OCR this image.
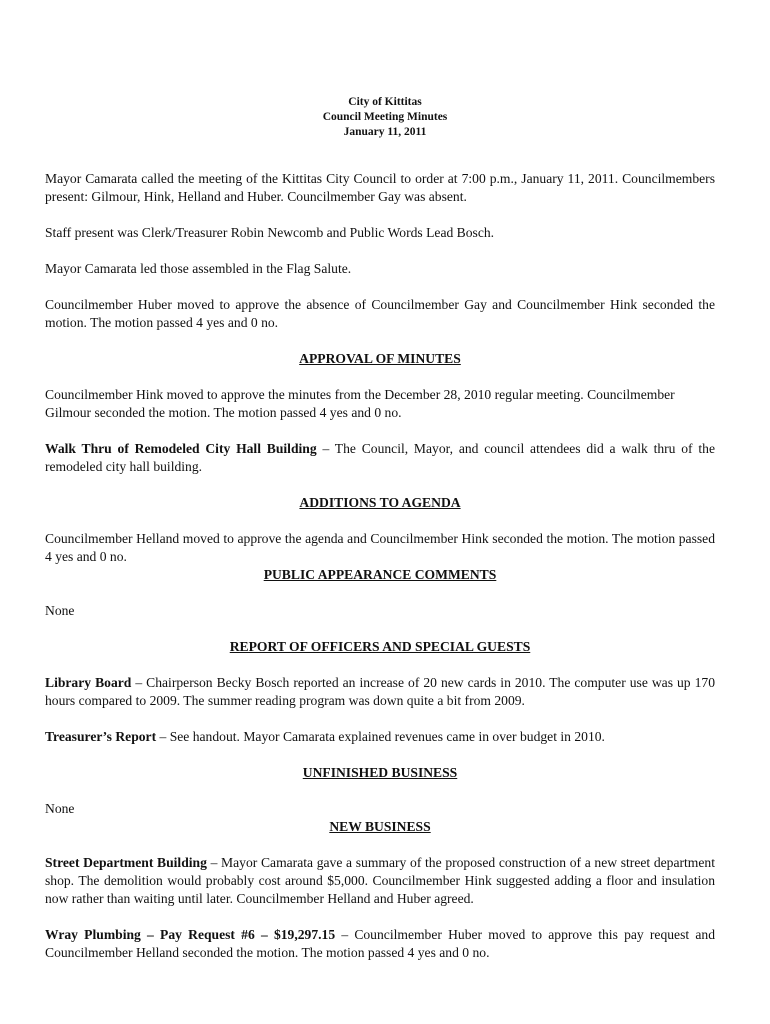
City of Kittitas
Council Meeting Minutes
January 11, 2011

Mayor Camarata called the meeting of the Kittitas City Council to order at 7:00 p.m., January 11, 2011. Councilmembers present: Gilmour, Hink, Helland and Huber. Councilmember Gay was absent.

Staff present was Clerk/Treasurer Robin Newcomb and Public Words Lead Bosch.

Mayor Camarata led those assembled in the Flag Salute.

Councilmember Huber moved to approve the absence of Councilmember Gay and Councilmember Hink seconded the motion. The motion passed 4 yes and 0 no.

APPROVAL OF MINUTES

Councilmember Hink moved to approve the minutes from the December 28, 2010 regular meeting. Councilmember Gilmour seconded the motion. The motion passed 4 yes and 0 no.

Walk Thru of Remodeled City Hall Building – The Council, Mayor, and council attendees did a walk thru of the remodeled city hall building.

ADDITIONS TO AGENDA

Councilmember Helland moved to approve the agenda and Councilmember Hink seconded the motion. The motion passed 4 yes and 0 no.

PUBLIC APPEARANCE COMMENTS

None

REPORT OF OFFICERS AND SPECIAL GUESTS

Library Board – Chairperson Becky Bosch reported an increase of 20 new cards in 2010. The computer use was up 170 hours compared to 2009. The summer reading program was down quite a bit from 2009.

Treasurer’s Report – See handout. Mayor Camarata explained revenues came in over budget in 2010.

UNFINISHED BUSINESS

None

NEW BUSINESS

Street Department Building – Mayor Camarata gave a summary of the proposed construction of a new street department shop. The demolition would probably cost around $5,000. Councilmember Hink suggested adding a floor and insulation now rather than waiting until later. Councilmember Helland and Huber agreed.

Wray Plumbing – Pay Request #6 – $19,297.15 – Councilmember Huber moved to approve this pay request and Councilmember Helland seconded the motion. The motion passed 4 yes and 0 no.
